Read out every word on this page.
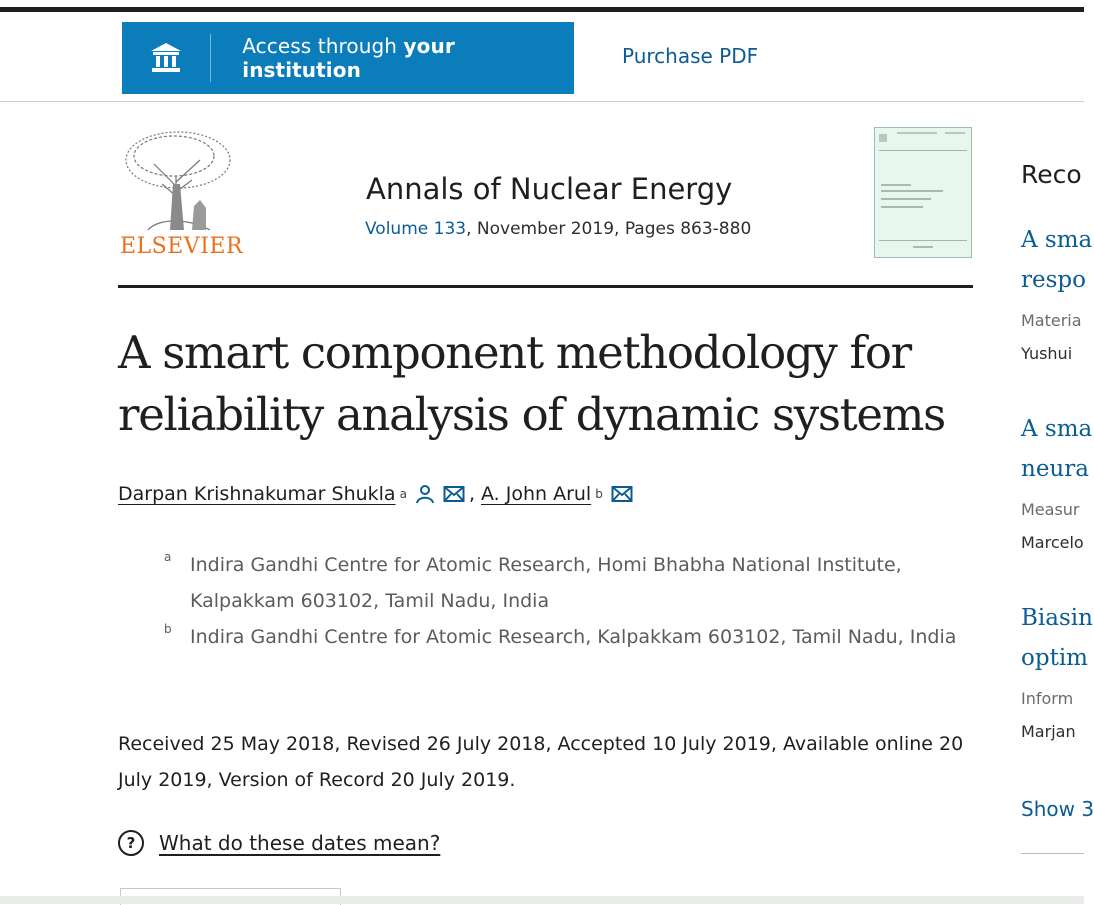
Access through your institution
Purchase PDF
ELSEVIER
Annals of Nuclear Energy
Volume 133, November 2019, Pages 863-880
A smart component methodology for reliability analysis of dynamic systems
Darpan Krishnakumar Shukla a	, A. John Arul b
a Indira Gandhi Centre for Atomic Research, Homi Bhabha National Institute, Kalpakkam 603102, Tamil Nadu, India
b Indira Gandhi Centre for Atomic Research, Kalpakkam 603102, Tamil Nadu, India
Received 25 May 2018, Revised 26 July 2018, Accepted 10 July 2019, Available online 20 July 2019, Version of Record 20 July 2019.
?	What do these dates mean?
Reco
A sma
respo
Materia
Yushui
A sma
neura
Measur
Marcelo
Biasin
optim
Inform
Marjan
Show 3
